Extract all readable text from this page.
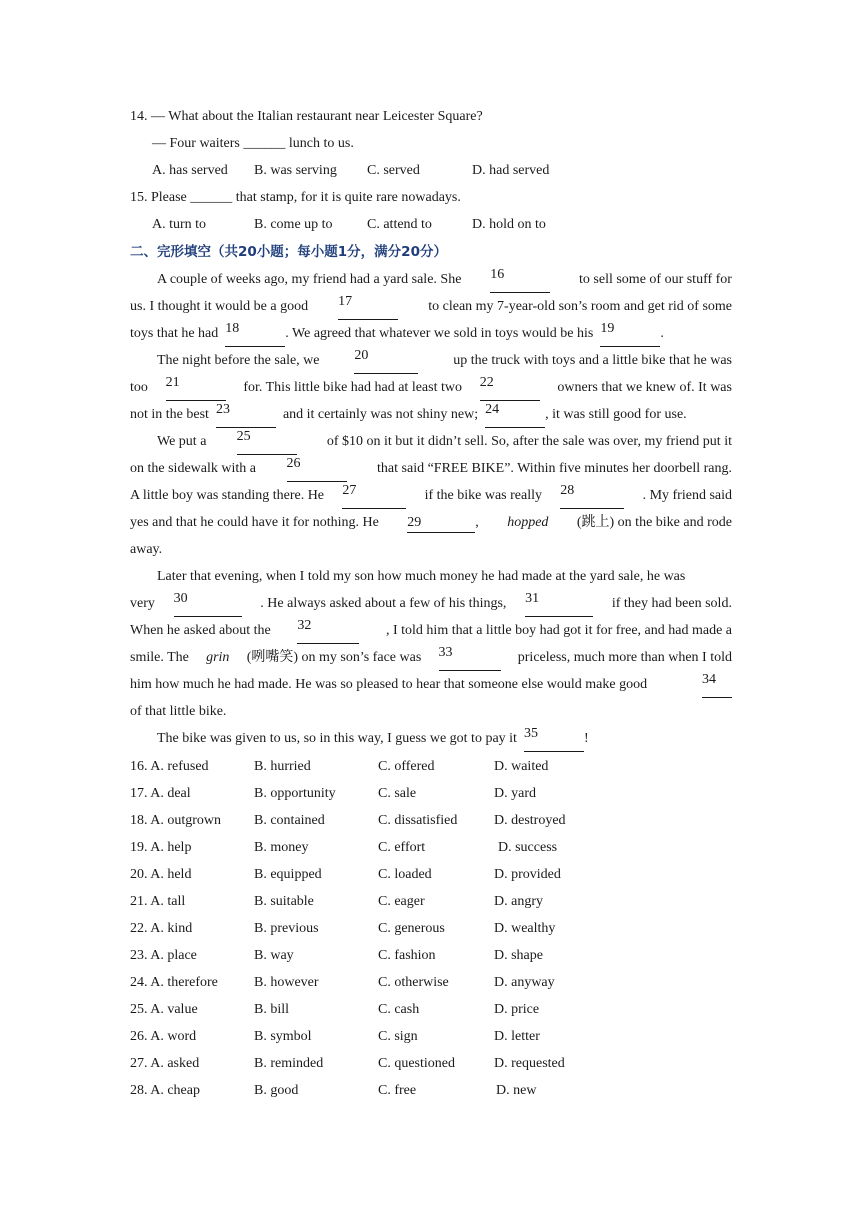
14. — What about the Italian restaurant near Leicester Square?
— Four waiters ______ lunch to us.
A. has served B. was serving C. served	D. had served
15. Please ______ that stamp, for it is quite rare nowadays.
A. turn to	B. come up to C. attend to	D. hold on to
二、完形填空（共20小题；每小题1分，满分20分）
A couple of weeks ago, my friend had a yard sale. She 16	to sell some of our stuff for
us. I thought it would be a good 17	to clean my 7-year-old son’s room and get rid of some
toys that he had
18	. We agreed that whatever we sold in toys would be his
19	.
The night before the sale, we 20	up the truck with toys and a little bike that he was
too 21	for. This little bike had had at least two 22	owners that we knew of. It was
not in the best
23
	and it certainly was not shiny new;
24	, it was still good for use.
We put a 25	of $10 on it but it didn’t sell. So, after the sale was over, my friend put it
on the sidewalk with a 26	that said “FREE BIKE”. Within five minutes her doorbell rang.
A little boy was standing there. He 27	if the bike was really 28	. My friend said
yes and that he could have it for nothing. He 29	, hopped (跳上) on the bike and rode
away.
Later that evening, when I told my son how much money he had made at the yard sale, he was
very 30	. He always asked about a few of his things, 31	if they had been sold.
When he asked about the 32	, I told him that a little boy had got it for free, and had made a
smile. The grin (咧嘴笑) on my son’s face was 33	priceless, much more than when I told
him how much he had made. He was so pleased to hear that someone else would make good	34
of that little bike.
The bike was given to us, so in this way, I guess we got to pay it
35	!
16. A. refused	B. hurried	C. offered	D. waited
17. A. deal	B. opportunity	C. sale	D. yard
18. A. outgrown B. contained	C. dissatisfied	D. destroyed
19. A. help	B. money	C. effort	D. success
20. A. held	B. equipped	C. loaded	D. provided
21. A. tall	B. suitable	C. eager	D. angry
22. A. kind	B. previous	C. generous	D. wealthy
23. A. place	B. way	C. fashion	D. shape
24. A. therefore	B. however	C. otherwise	D. anyway
25. A. value	B. bill	C. cash	D. price
26. A. word	B. symbol	C. sign	D. letter
27. A. asked	B. reminded	C. questioned	D. requested
28. A. cheap	B. good	C. free	D. new
